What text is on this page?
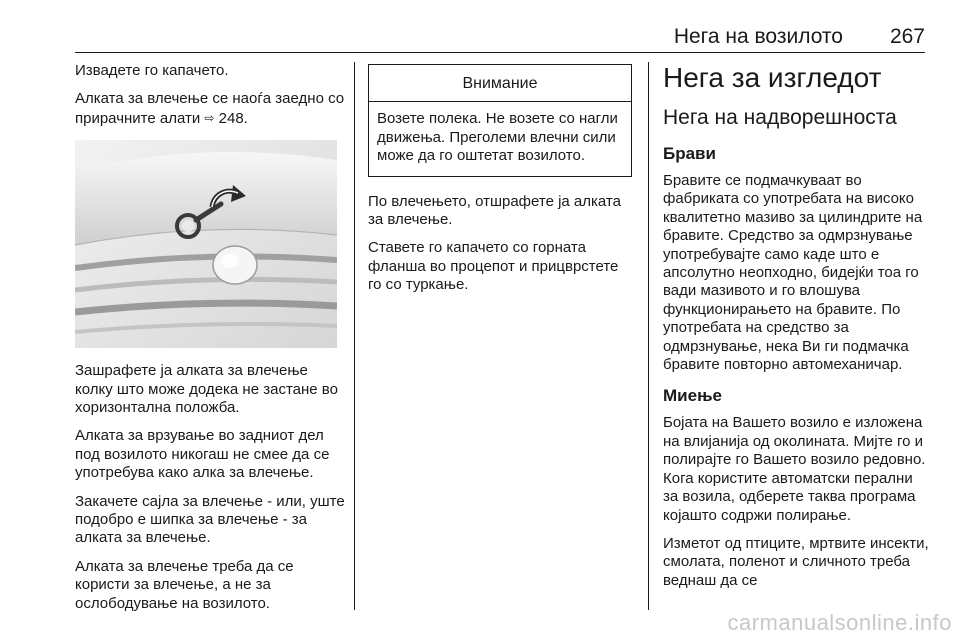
Нега на возилото 267

Извадете го капачето.

Алката за влечење се наоѓа заедно со прирачните алати ⇨ 248.

Зашрафете ја алката за влечење колку што може додека не застане во хоризонтална положба.

Алката за врзување во задниот дел под возилото никогаш не смее да се употребува како алка за влечење.

Закачете сајла за влечење - или, уште подобро е шипка за влечење - за алката за влечење.

Алката за влечење треба да се користи за влечење, а не за ослободување на возилото.

Внимание
Возете полека. Не возете со нагли движења. Преголеми влечни сили може да го оштетат возилото.

По влечењето, отшрафете ја алката за влечење.

Ставете го капачето со горната фланша во процепот и прицврстете го со туркање.

Нега за изгледот
Нега на надворешноста
Брави

Бравите се подмачкуваат во фабриката со употребата на високо квалитетно мазиво за цилиндрите на бравите. Средство за одмрзнување употребувајте само каде што е апсолутно неопходно, бидејќи тоа го вади мазивото и го влошува функционирањето на бравите. По употребата на средство за одмрзнување, нека Ви ги подмачка бравите повторно автомеханичар.

Миење

Бојата на Вашето возило е изложена на влијанија од околината. Мијте го и полирајте го Вашето возило редовно. Кога користите автоматски перални за возила, одберете таква програма којашто содржи полирање.

Изметот од птиците, мртвите инсекти, смолата, поленот и сличното треба веднаш да се

carmanualsonline.info
